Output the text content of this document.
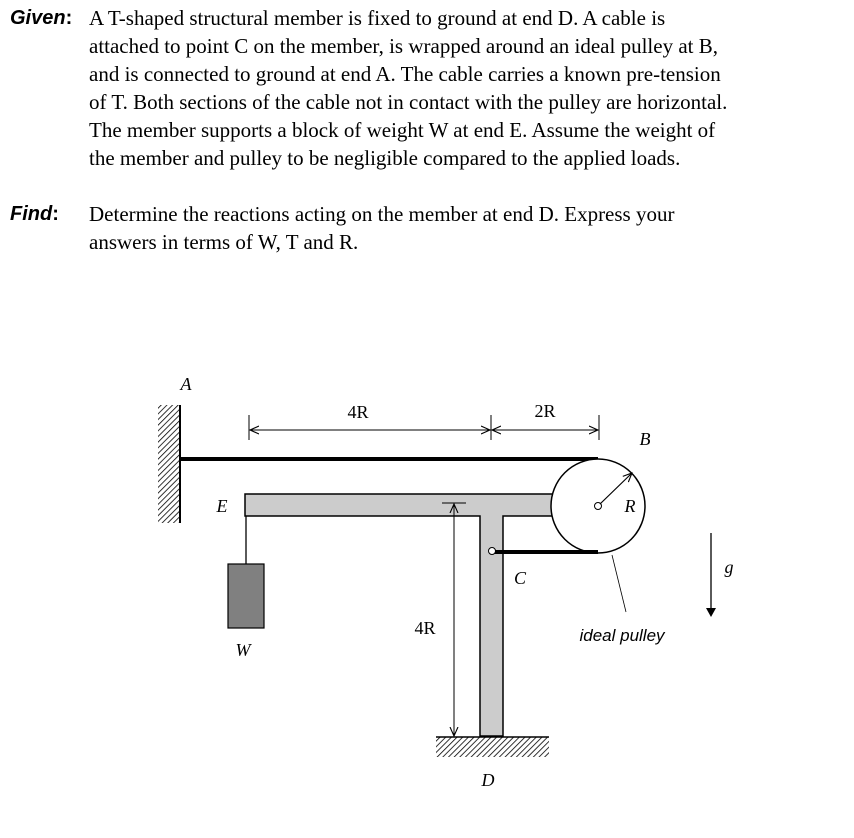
Given: A T-shaped structural member is fixed to ground at end D. A cable is
attached to point C on the member, is wrapped around an ideal pulley at B,
and is connected to ground at end A. The cable carries a known pre-tension
of T. Both sections of the cable not in contact with the pulley are horizontal.
The member supports a block of weight W at end E. Assume the weight of
the member and pulley to be negligible compared to the applied loads.
Find: Determine the reactions acting on the member at end D. Express your
answers in terms of W, T and R.
A
4R	2R
B
E	R
C
g
4R	ideal pulley
W
D
